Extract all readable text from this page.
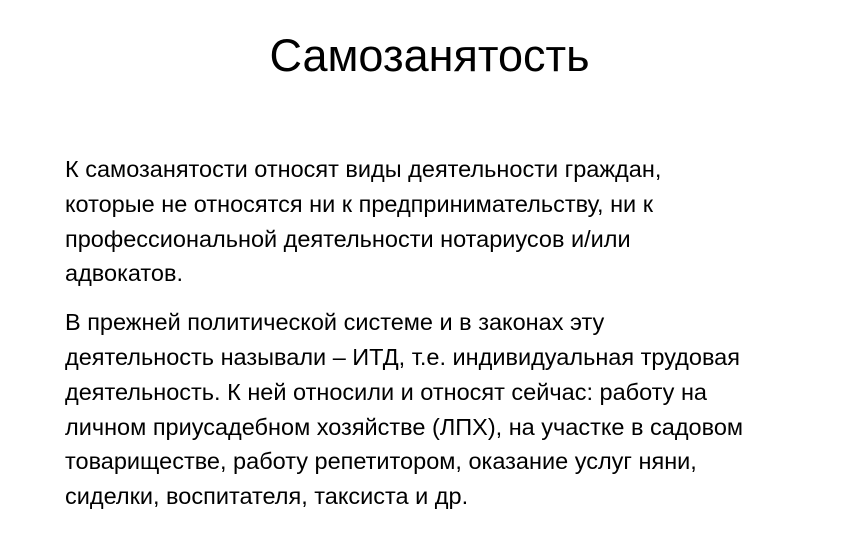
Самозанятость

К самозанятости относят виды деятельности граждан,
которые не относятся ни к предпринимательству, ни к
профессиональной деятельности нотариусов и/или
адвокатов.

В прежней политической системе и в законах эту
деятельность называли – ИТД, т.е. индивидуальная трудовая
деятельность. К ней относили и относят сейчас: работу на
личном приусадебном хозяйстве (ЛПХ), на участке в садовом
товариществе, работу репетитором, оказание услуг няни,
сиделки, воспитателя, таксиста и др.
